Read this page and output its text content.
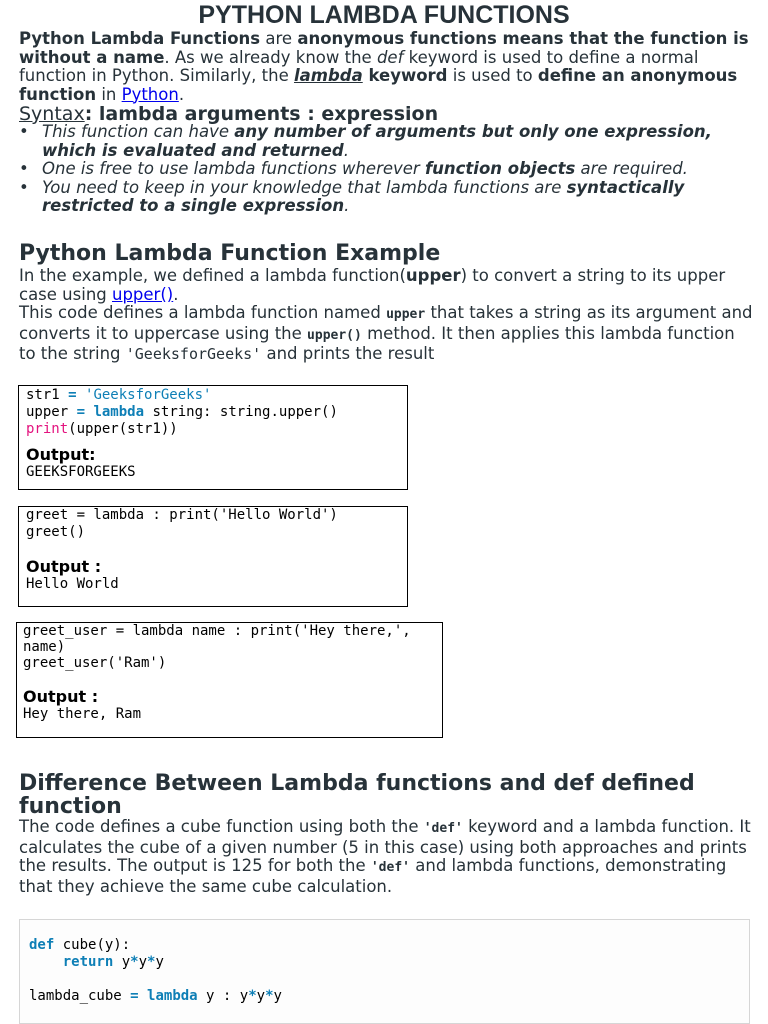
PYTHON LAMBDA FUNCTIONS

Python Lambda Functions are anonymous functions means that the function is without a name. As we already know the def keyword is used to define a normal function in Python. Similarly, the lambda keyword is used to define an anonymous function in Python.

Syntax: lambda arguments : expression

• This function can have any number of arguments but only one expression, which is evaluated and returned.
• One is free to use lambda functions wherever function objects are required.
• You need to keep in your knowledge that lambda functions are syntactically restricted to a single expression.
Python Lambda Function Example

In the example, we defined a lambda function(upper) to convert a string to its upper case using upper().

This code defines a lambda function named upper that takes a string as its argument and converts it to uppercase using the upper() method. It then applies this lambda function to the string 'GeeksforGeeks' and prints the result

str1 = 'GeeksforGeeks'
upper = lambda string: string.upper()
print(upper(str1))
Output:
GEEKSFORGEEKS
greet = lambda : print('Hello World')
greet()
Output :
Hello World
greet_user = lambda name : print('Hey there,',
name)
greet_user('Ram')
Output :
Hey there, Ram
Difference Between Lambda functions and def defined function

The code defines a cube function using both the 'def' keyword and a lambda function. It calculates the cube of a given number (5 in this case) using both approaches and prints the results. The output is 125 for both the 'def' and lambda functions, demonstrating that they achieve the same cube calculation.

def cube(y):
return y*y*y
lambda_cube = lambda y : y*y*y
